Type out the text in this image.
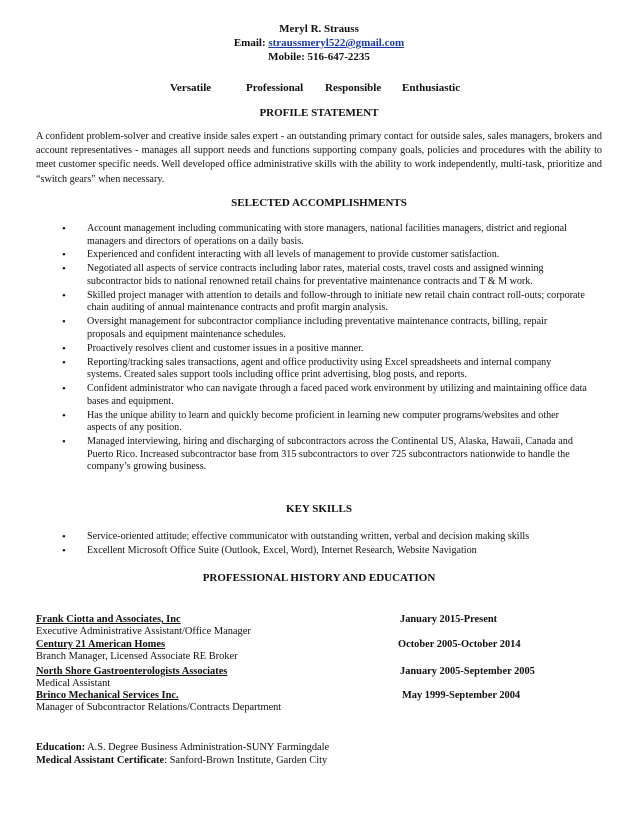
Meryl R. Strauss
Email: straussmeryl522@gmail.com
Mobile: 516-647-2235
Versatile	Professional Responsible Enthusiastic
PROFILE STATEMENT
A confident problem-solver and creative inside sales expert - an outstanding primary contact for outside sales, sales managers, brokers and account representatives - manages all support needs and functions supporting company goals, policies and procedures with the ability to meet customer specific needs. Well developed office administrative skills with the ability to work independently, multi-task, prioritize and “switch gears” when necessary.
SELECTED ACCOMPLISHMENTS
• Account management including communicating with store managers, national facilities managers, district and regional managers and directors of operations on a daily basis.
• Experienced and confident interacting with all levels of management to provide customer satisfaction.
• Negotiated all aspects of service contracts including labor rates, material costs, travel costs and assigned winning subcontractor bids to national renowned retail chains for preventative maintenance contracts and T & M work.
• Skilled project manager with attention to details and follow-through to initiate new retail chain contract roll-outs; corporate chain auditing of annual maintenance contracts and profit margin analysis.
• Oversight management for subcontractor compliance including preventative maintenance contracts, billing, repair proposals and equipment maintenance schedules.
• Proactively resolves client and customer issues in a positive manner.
• Reporting/tracking sales transactions, agent and office productivity using Excel spreadsheets and internal company systems. Created sales support tools including office print advertising, blog posts, and reports.
• Confident administrator who can navigate through a faced paced work environment by utilizing and maintaining office data bases and equipment.
• Has the unique ability to learn and quickly become proficient in learning new computer programs/websites and other aspects of any position.
• Managed interviewing, hiring and discharging of subcontractors across the Continental US, Alaska, Hawaii, Canada and Puerto Rico. Increased subcontractor base from 315 subcontractors to over 725 subcontractors nationwide to handle the company’s growing business.
KEY SKILLS
• Service-oriented attitude; effective communicator with outstanding written, verbal and decision making skills
• Excellent Microsoft Office Suite (Outlook, Excel, Word), Internet Research, Website Navigation
PROFESSIONAL HISTORY AND EDUCATION
Frank Ciotta and Associates, Inc	January 2015-Present
Executive Administrative Assistant/Office Manager
Century 21 American Homes	October 2005-October 2014
Branch Manager, Licensed Associate RE Broker
North Shore Gastroenterologists Associates	January 2005-September 2005
Medical Assistant
Brinco Mechanical Services Inc.	May 1999-September 2004
Manager of Subcontractor Relations/Contracts Department
Education: A.S. Degree Business Administration-SUNY Farmingdale
Medical Assistant Certificate: Sanford-Brown Institute, Garden City
